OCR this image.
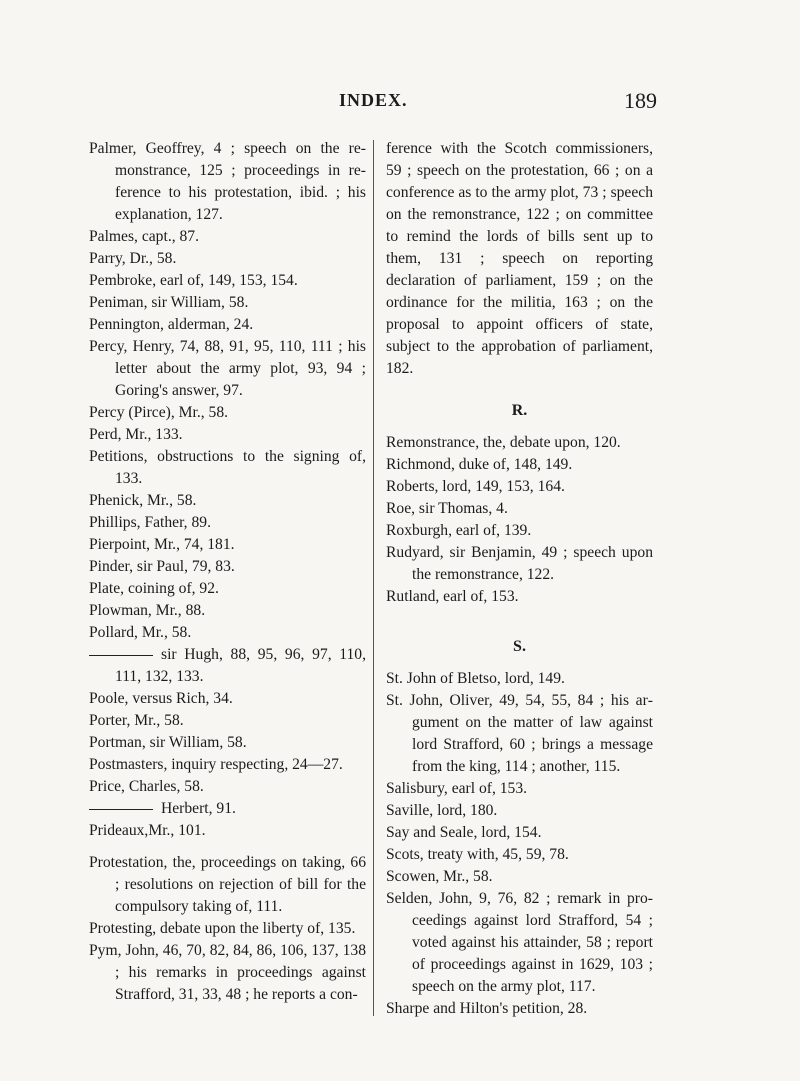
INDEX.	189
Palmer, Geoffrey, 4 ; speech on the remonstrance, 125 ; proceedings in reference to his protestation, ibid. ; his explanation, 127.
Palmes, capt., 87.
Parry, Dr., 58.
Pembroke, earl of, 149, 153, 154.
Peniman, sir William, 58.
Pennington, alderman, 24.
Percy, Henry, 74, 88, 91, 95, 110, 111 ; his letter about the army plot, 93, 94 ; Goring's answer, 97.
Percy (Pirce), Mr., 58.
Perd, Mr., 133.
Petitions, obstructions to the signing of, 133.
Phenick, Mr., 58.
Phillips, Father, 89.
Pierpoint, Mr., 74, 181.
Pinder, sir Paul, 79, 83.
Plate, coining of, 92.
Plowman, Mr., 88.
Pollard, Mr., 58.
sir Hugh, 88, 95, 96, 97, 110, 111, 132, 133.
Poole, versus Rich, 34.
Porter, Mr., 58.
Portman, sir William, 58.
Postmasters, inquiry respecting, 24—27.
Price, Charles, 58.
Herbert, 91.
Prideaux,Mr., 101.
Protestation, the, proceedings on taking, 66 ; resolutions on rejection of bill for the compulsory taking of, 111.
Protesting, debate upon the liberty of, 135.
Pym, John, 46, 70, 82, 84, 86, 106, 137, 138 ; his remarks in proceedings against Strafford, 31, 33, 48 ; he reports a con-
ference with the Scotch commissioners, 59 ; speech on the protestation, 66 ; on a conference as to the army plot, 73 ; speech on the remonstrance, 122 ; on committee to remind the lords of bills sent up to them, 131 ; speech on reporting declaration of parliament, 159 ; on the ordinance for the militia, 163 ; on the proposal to appoint officers of state, subject to the approbation of parliament, 182.
R.
Remonstrance, the, debate upon, 120.
Richmond, duke of, 148, 149.
Roberts, lord, 149, 153, 164.
Roe, sir Thomas, 4.
Roxburgh, earl of, 139.
Rudyard, sir Benjamin, 49 ; speech upon the remonstrance, 122.
Rutland, earl of, 153.
S.
St. John of Bletso, lord, 149.
St. John, Oliver, 49, 54, 55, 84 ; his argument on the matter of law against lord Strafford, 60 ; brings a message from the king, 114 ; another, 115.
Salisbury, earl of, 153.
Saville, lord, 180.
Say and Seale, lord, 154.
Scots, treaty with, 45, 59, 78.
Scowen, Mr., 58.
Selden, John, 9, 76, 82 ; remark in proceedings against lord Strafford, 54 ; voted against his attainder, 58 ; report of proceedings against in 1629, 103 ; speech on the army plot, 117.
Sharpe and Hilton's petition, 28.
